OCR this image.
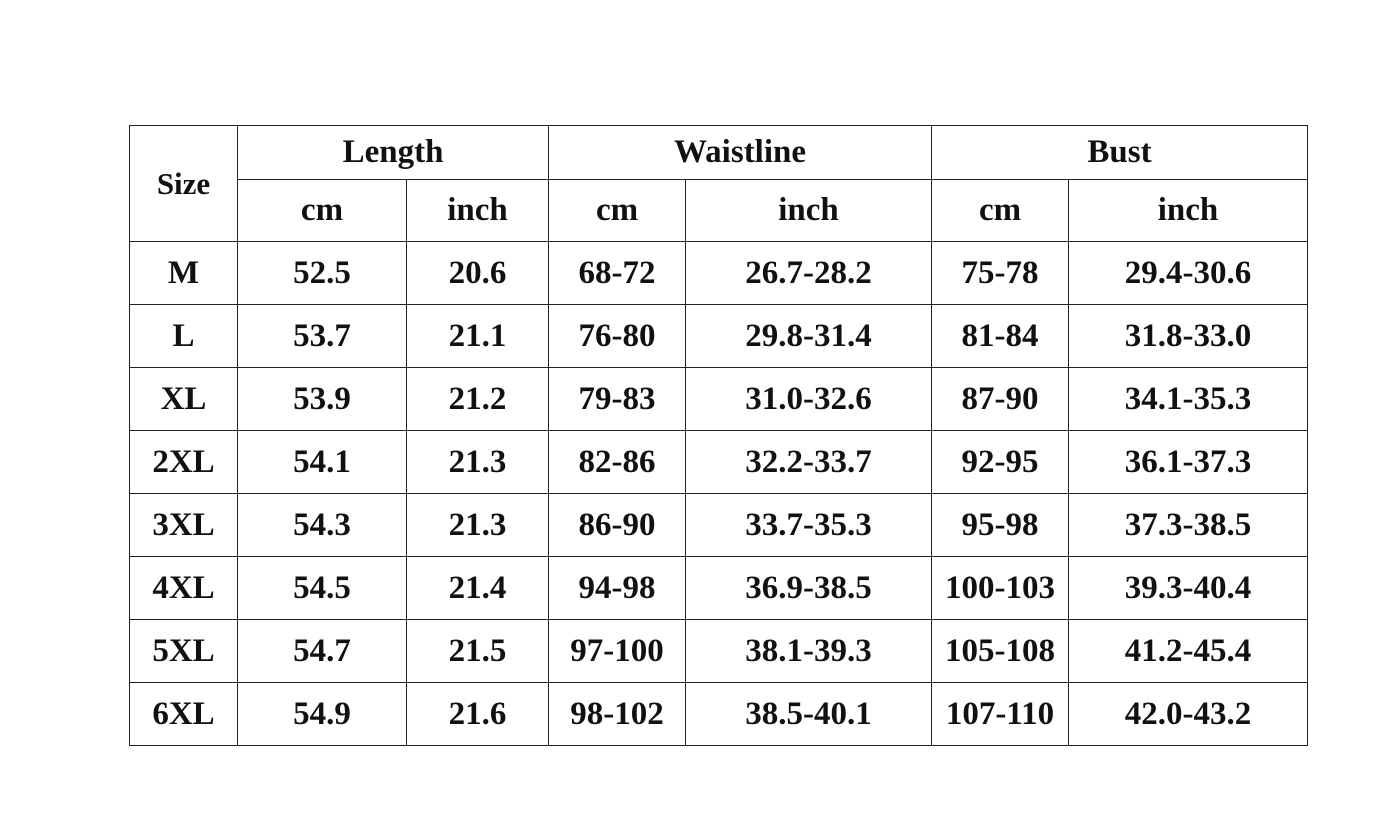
Size	Length		Waistline		Bust	
	cm	inch	cm	inch	cm	inch
M	52.5	20.6	68-72	26.7-28.2	75-78	29.4-30.6
L	53.7	21.1	76-80	29.8-31.4	81-84	31.8-33.0
XL	53.9	21.2	79-83	31.0-32.6	87-90	34.1-35.3
2XL	54.1	21.3	82-86	32.2-33.7	92-95	36.1-37.3
3XL	54.3	21.3	86-90	33.7-35.3	95-98	37.3-38.5
4XL	54.5	21.4	94-98	36.9-38.5	100-103	39.3-40.4
5XL	54.7	21.5	97-100	38.1-39.3	105-108	41.2-45.4
6XL	54.9	21.6	98-102	38.5-40.1	107-110	42.0-43.2
